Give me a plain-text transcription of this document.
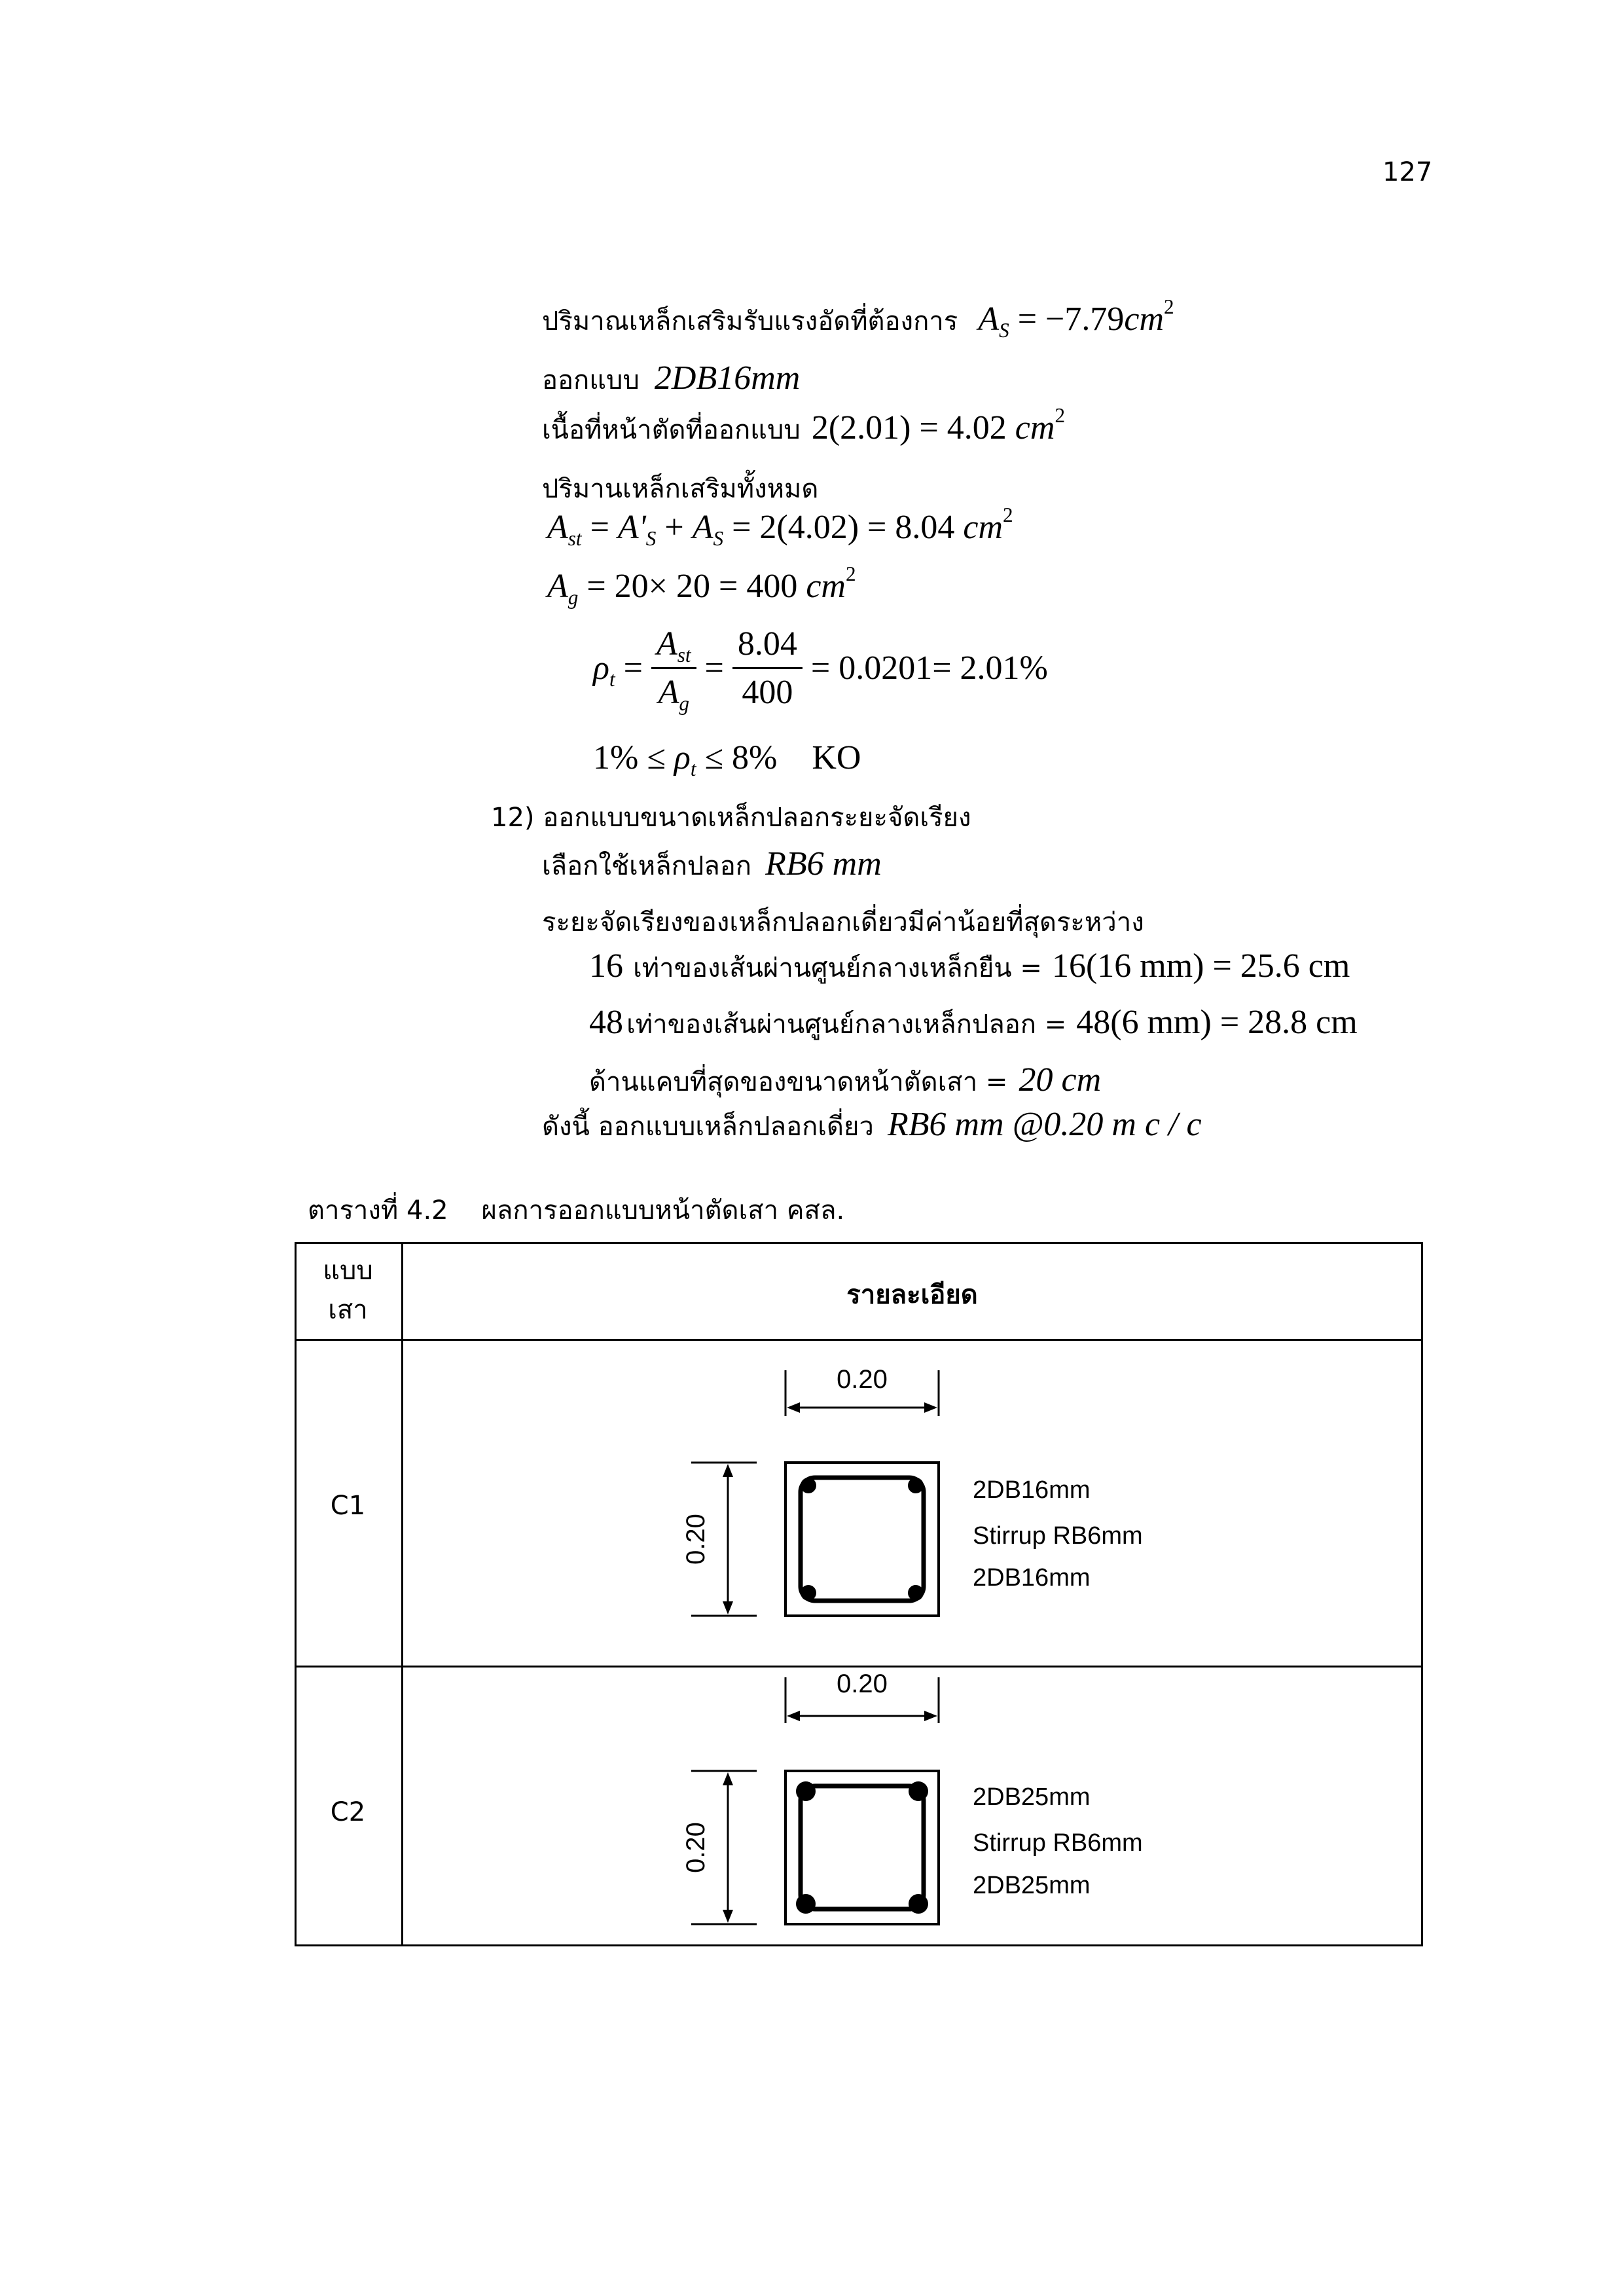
127
ปริมาณเหล็กเสริมรับแรงอัดที่ต้องการ $A_S = -7.79cm^2$
ออกแบบ 2DB16mm
เนื้อที่หน้าตัดที่ออกแบบ 2(2.01) = 4.02 $cm^2$
ปริมานเหล็กเสริมทั้งหมด
$A_{st} = A'_S + A_S = 2(4.02) = 8.04$ $cm^2$
$A_g = 20\times 20 = 400$ $cm^2$
$\rho_t = \frac{A_{st}}{A_g} = \frac{8.04}{400} = 0.0201= 2.01\%$
$1\% \le \rho_t \le 8\%$ KO
12) ออกแบบขนาดเหล็กปลอกระยะจัดเรียง
เลือกใช้เหล็กปลอก RB6 mm
ระยะจัดเรียงของเหล็กปลอกเดี่ยวมีค่าน้อยที่สุดระหว่าง
16 เท่าของเส้นผ่านศูนย์กลางเหล็กยืน = 16(16 mm) = 25.6 cm
48 เท่าของเส้นผ่านศูนย์กลางเหล็กปลอก = 48(6 mm) = 28.8 cm
ด้านแคบที่สุดของขนาดหน้าตัดเสา = 20 cm
ดังนี้ ออกแบบเหล็กปลอกเดี่ยว RB6 mm @0.20 m c / c
ตารางที่ 4.2    ผลการออกแบบหน้าตัดเสา คสล.
แบบ
เสา	รายละเอียด
C1
0.20
0.20
2DB16mm
Stirrup RB6mm
2DB16mm
C2
0.20
0.20
2DB25mm
Stirrup RB6mm
2DB25mm
